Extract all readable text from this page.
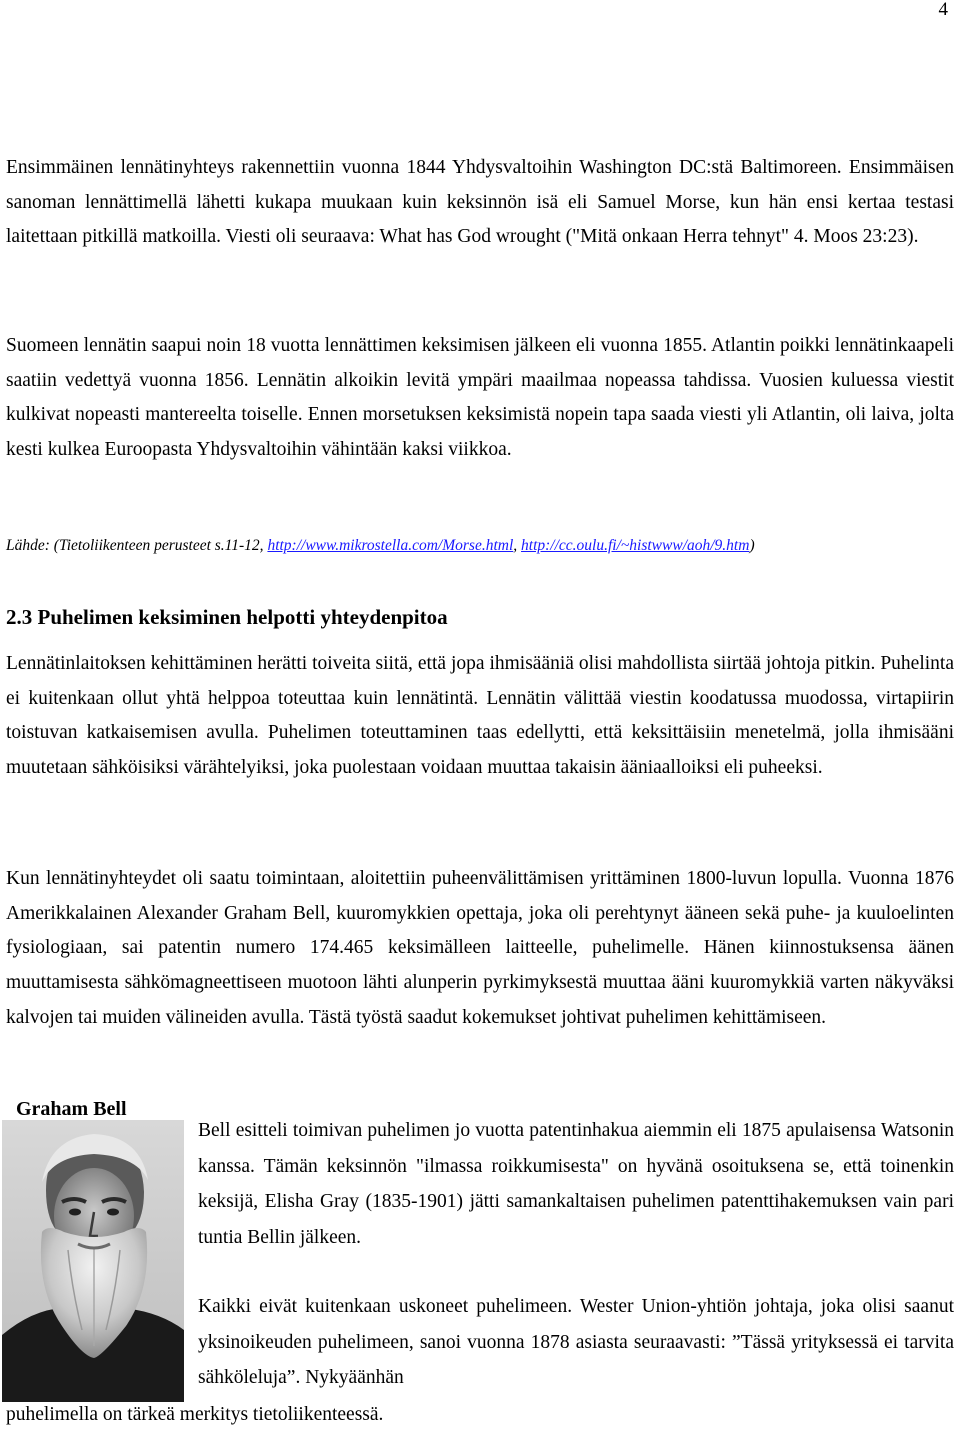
4

Ensimmäinen lennätinyhteys rakennettiin vuonna 1844 Yhdysvaltoihin Washington DC:stä Baltimoreen. Ensimmäisen sanoman lennättimellä lähetti kukapa muukaan kuin keksinnön isä eli Samuel Morse, kun hän ensi kertaa testasi laitettaan pitkillä matkoilla. Viesti oli seuraava: What has God wrought ("Mitä onkaan Herra tehnyt" 4. Moos 23:23).

Suomeen lennätin saapui noin 18 vuotta lennättimen keksimisen jälkeen eli vuonna 1855. Atlantin poikki lennätinkaapeli saatiin vedettyä vuonna 1856. Lennätin alkoikin levitä ympäri maailmaa nopeassa tahdissa. Vuosien kuluessa viestit kulkivat nopeasti mantereelta toiselle. Ennen morsetuksen keksimistä nopein tapa saada viesti yli Atlantin, oli laiva, jolta kesti kulkea Euroopasta Yhdysvaltoihin vähintään kaksi viikkoa.

Lähde: (Tietoliikenteen perusteet s.11-12, http://www.mikrostella.com/Morse.html, http://cc.oulu.fi/~histwww/aoh/9.htm)
2.3 Puhelimen keksiminen helpotti yhteydenpitoa

Lennätinlaitoksen kehittäminen herätti toiveita siitä, että jopa ihmisääniä olisi mahdollista siirtää johtoja pitkin. Puhelinta ei kuitenkaan ollut yhtä helppoa toteuttaa kuin lennätintä. Lennätin välittää viestin koodatussa muodossa, virtapiirin toistuvan katkaisemisen avulla. Puhelimen toteuttaminen taas edellytti, että keksittäisiin menetelmä, jolla ihmisääni muutetaan sähköisiksi värähtelyiksi, joka puolestaan voidaan muuttaa takaisin ääniaalloiksi eli puheeksi.

Kun lennätinyhteydet oli saatu toimintaan, aloitettiin puheenvälittämisen yrittäminen 1800-luvun lopulla. Vuonna 1876 Amerikkalainen Alexander Graham Bell, kuuromykkien opettaja, joka oli perehtynyt ääneen sekä puhe- ja kuuloelinten fysiologiaan, sai patentin numero 174.465 keksimälleen laitteelle, puhelimelle. Hänen kiinnostuksensa äänen muuttamisesta sähkömagneettiseen muotoon lähti alunperin pyrkimyksestä muuttaa ääni kuuromykkiä varten näkyväksi kalvojen tai muiden välineiden avulla. Tästä työstä saadut kokemukset johtivat puhelimen kehittämiseen.

Graham Bell

Bell esitteli toimivan puhelimen jo vuotta patentinhakua aiemmin eli 1875 apulaisensa Watsonin kanssa. Tämän keksinnön "ilmassa roikkumisesta" on hyvänä osoituksena se, että toinenkin keksijä, Elisha Gray (1835-1901) jätti samankaltaisen puhelimen patenttihakemuksen vain pari tuntia Bellin jälkeen.

Kaikki eivät kuitenkaan uskoneet puhelimeen. Wester Union-yhtiön johtaja, joka olisi saanut yksinoikeuden puhelimeen, sanoi vuonna 1878 asiasta seuraavasti: ”Tässä yrityksessä ei tarvita sähköleluja”. Nykyäänhän

puhelimella on tärkeä merkitys tietoliikenteessä.
